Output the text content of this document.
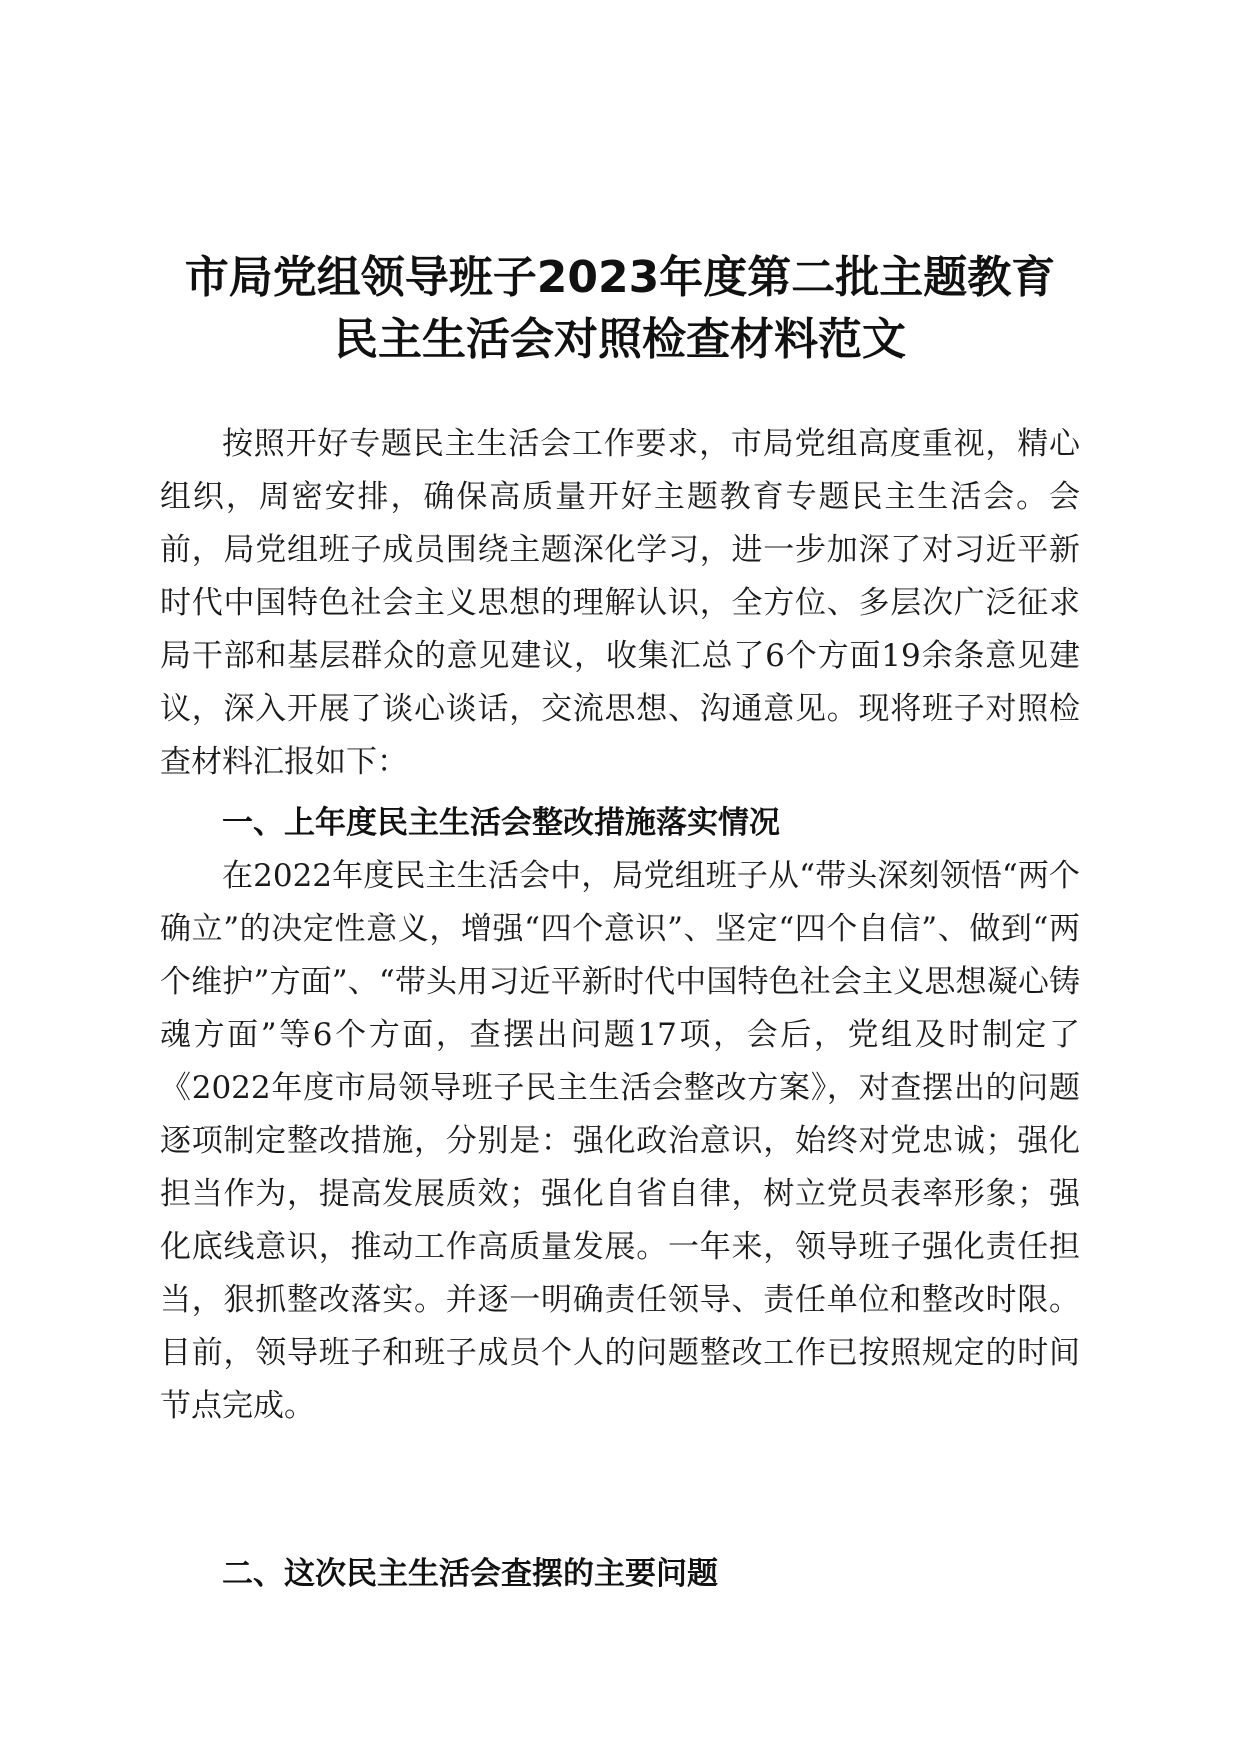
市局党组领导班子2023年度第二批主题教育
民主生活会对照检查材料范文

按照开好专题民主生活会工作要求，市局党组高度重视，精心组织，周密安排，确保高质量开好主题教育专题民主生活会。会前，局党组班子成员围绕主题深化学习，进一步加深了对习近平新时代中国特色社会主义思想的理解认识，全方位、多层次广泛征求局干部和基层群众的意见建议，收集汇总了6个方面19余条意见建议，深入开展了谈心谈话，交流思想、沟通意见。现将班子对照检查材料汇报如下：

一、上年度民主生活会整改措施落实情况

在2022年度民主生活会中，局党组班子从“带头深刻领悟“两个确立”的决定性意义，增强“四个意识”、坚定“四个自信”、做到“两个维护”方面”、“带头用习近平新时代中国特色社会主义思想凝心铸魂方面”等6个方面，查摆出问题17项，会后，党组及时制定了《2022年度市局领导班子民主生活会整改方案》，对查摆出的问题逐项制定整改措施，分别是：强化政治意识，始终对党忠诚；强化担当作为，提高发展质效；强化自省自律，树立党员表率形象；强化底线意识，推动工作高质量发展。一年来，领导班子强化责任担当，狠抓整改落实。并逐一明确责任领导、责任单位和整改时限。目前，领导班子和班子成员个人的问题整改工作已按照规定的时间节点完成。

二、这次民主生活会查摆的主要问题
